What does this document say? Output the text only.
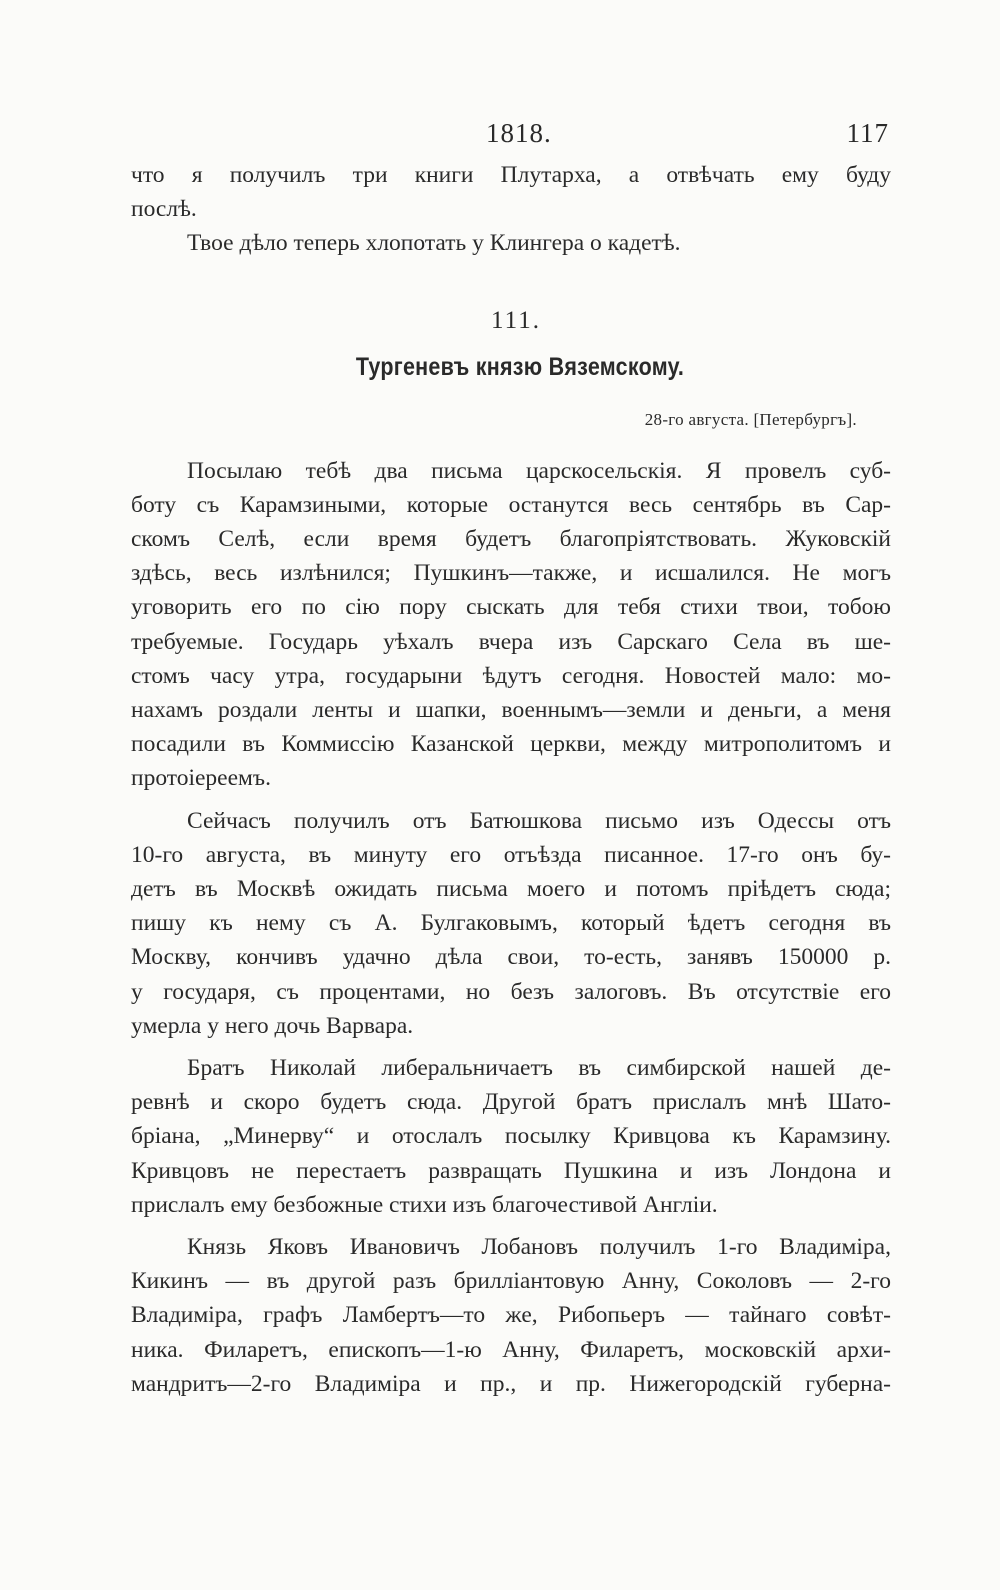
1818.	117
что я получилъ три книги Плутарха, а отвѣчать ему буду
послѣ.
Твое дѣло теперь хлопотать у Клингера о кадетѣ.
111.
Тургеневъ князю Вяземскому.
28-го августа. [Петербургъ].
Посылаю тебѣ два письма царскосельскія. Я провелъ суб-
боту съ Карамзиными, которые останутся весь сентябрь въ Сар-
скомъ Селѣ, если время будетъ благопріятствовать. Жуковскій
здѣсь, весь излѣнился; Пушкинъ—также, и исшалился. Не могъ
уговорить его по сію пору сыскать для тебя стихи твои, тобою
требуемые. Государь уѣхалъ вчера изъ Сарскаго Села въ ше-
стомъ часу утра, государыни ѣдутъ сегодня. Новостей мало: мо-
нахамъ роздали ленты и шапки, военнымъ—земли и деньги, а меня
посадили въ Коммиссію Казанской церкви, между митрополитомъ и
протоіереемъ.
Сейчасъ получилъ отъ Батюшкова письмо изъ Одессы отъ
10-го августа, въ минуту его отъѣзда писанное. 17-го онъ бу-
детъ въ Москвѣ ожидать письма моего и потомъ пріѣдетъ сюда;
пишу къ нему съ А. Булгаковымъ, который ѣдетъ сегодня въ
Москву, кончивъ удачно дѣла свои, то-есть, занявъ 150000 р.
у государя, съ процентами, но безъ залоговъ. Въ отсутствіе его
умерла у него дочь Варвара.
Братъ Николай либеральничаетъ въ симбирской нашей де-
ревнѣ и скоро будетъ сюда. Другой братъ прислалъ мнѣ Шато-
бріана, „Минерву“ и отослалъ посылку Кривцова къ Карамзину.
Кривцовъ не перестаетъ развращать Пушкина и изъ Лондона и
прислалъ ему безбожные стихи изъ благочестивой Англіи.
Князь Яковъ Ивановичъ Лобановъ получилъ 1-го Владиміра,
Кикинъ — въ другой разъ бриллiантовую Анну, Соколовъ — 2-го
Владиміра, графъ Ламбертъ—то же, Рибопьеръ — тайнаго совѣт-
ника. Филаретъ, епископъ—1-ю Анну, Филаретъ, московскій архи-
мандритъ—2-го Владиміра и пр., и пр. Нижегородскій губерна-
